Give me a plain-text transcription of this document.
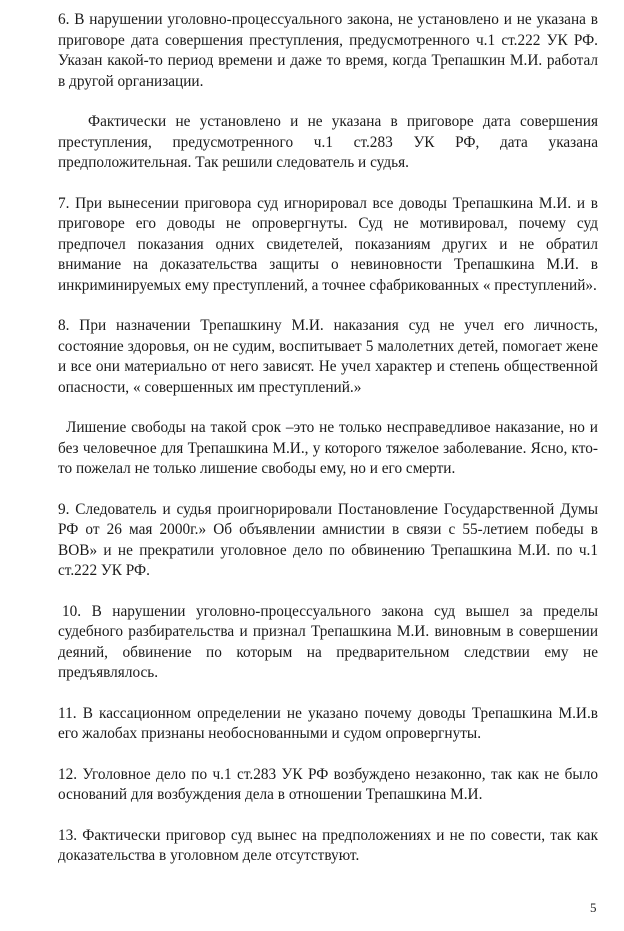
6. В нарушении уголовно-процессуального закона, не установлено и не указана в приговоре дата совершения преступления, предусмотренного ч.1 ст.222 УК РФ. Указан какой-то период времени и даже то время, когда Трепашкин М.И. работал в другой организации.

Фактически не установлено и не указана в приговоре дата совершения преступления, предусмотренного ч.1 ст.283 УК РФ, дата указана предположительная. Так решили следователь и судья.

7. При вынесении приговора суд игнорировал все доводы Трепашкина М.И. и в приговоре его доводы не опровергнуты. Суд не мотивировал, почему суд предпочел показания одних свидетелей, показаниям других и не обратил внимание на доказательства защиты о невиновности Трепашкина М.И. в инкриминируемых ему преступлений, а точнее сфабрикованных « преступлений».

8. При назначении Трепашкину М.И. наказания суд не учел его личность, состояние здоровья, он не судим, воспитывает 5 малолетних детей, помогает жене и все они материально от него зависят. Не учел характер и степень общественной опасности, « совершенных им преступлений.»

Лишение свободы на такой срок –это не только несправедливое наказание, но и без человечное для Трепашкина М.И., у которого тяжелое заболевание. Ясно, кто-то пожелал не только лишение свободы ему, но и его смерти.

9. Следователь и судья проигнорировали Постановление Государственной Думы РФ от 26 мая 2000г.» Об объявлении амнистии в связи с 55-летием победы в ВОВ» и не прекратили уголовное дело по обвинению Трепашкина М.И. по ч.1 ст.222 УК РФ.

10. В нарушении уголовно-процессуального закона суд вышел за пределы судебного разбирательства и признал Трепашкина М.И. виновным в совершении деяний, обвинение по которым на предварительном следствии ему не предъявлялось.

11. В кассационном определении не указано почему доводы Трепашкина М.И.в его жалобах признаны необоснованными и судом опровергнуты.

12. Уголовное дело по ч.1 ст.283 УК РФ возбуждено незаконно, так как не было оснований для возбуждения дела в отношении Трепашкина М.И.

13. Фактически приговор суд вынес на предположениях и не по совести, так как доказательства в уголовном деле отсутствуют.

5
